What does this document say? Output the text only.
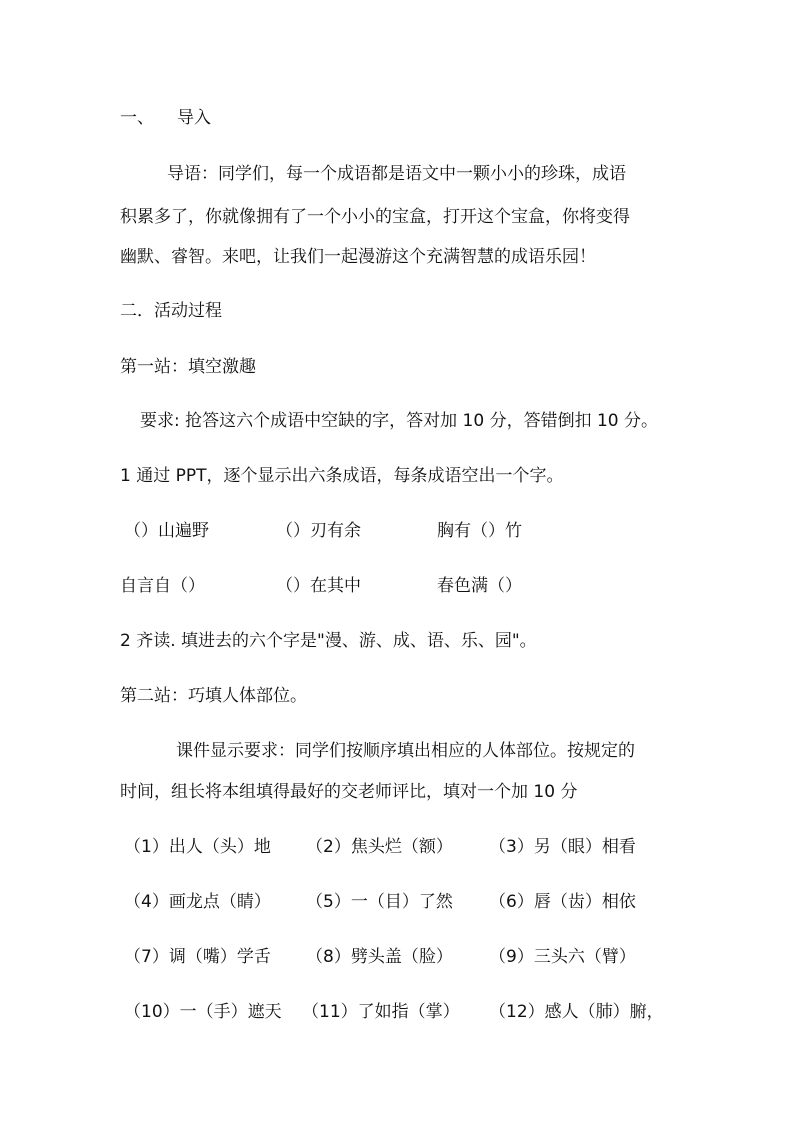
一、 导入
导语：同学们，每一个成语都是语文中一颗小小的珍珠，成语
积累多了，你就像拥有了一个小小的宝盒，打开这个宝盒，你将变得
幽默、睿智。来吧，让我们一起漫游这个充满智慧的成语乐园！
二．活动过程
第一站：填空激趣
要求: 抢答这六个成语中空缺的字，答对加 10 分，答错倒扣 10 分。
1 通过 PPT，逐个显示出六条成语，每条成语空出一个字。
（）山遍野	（）刃有余	胸有（）竹
自言自（）	（）在其中	春色满（）
2 齐读. 填进去的六个字是"漫、游、成、语、乐、园"。
第二站：巧填人体部位。
课件显示要求：同学们按顺序填出相应的人体部位。按规定的
时间，组长将本组填得最好的交老师评比，填对一个加 10 分
（1）出人（头）地 （2）焦头烂（额） （3）另（眼）相看
（4）画龙点（睛） （5）一（目）了然 （6）唇（齿）相依
（7）调（嘴）学舌 （8）劈头盖（脸） （9）三头六（臂）
（10）一（手）遮天 （11）了如指（掌） （12）感人（肺）腑，
